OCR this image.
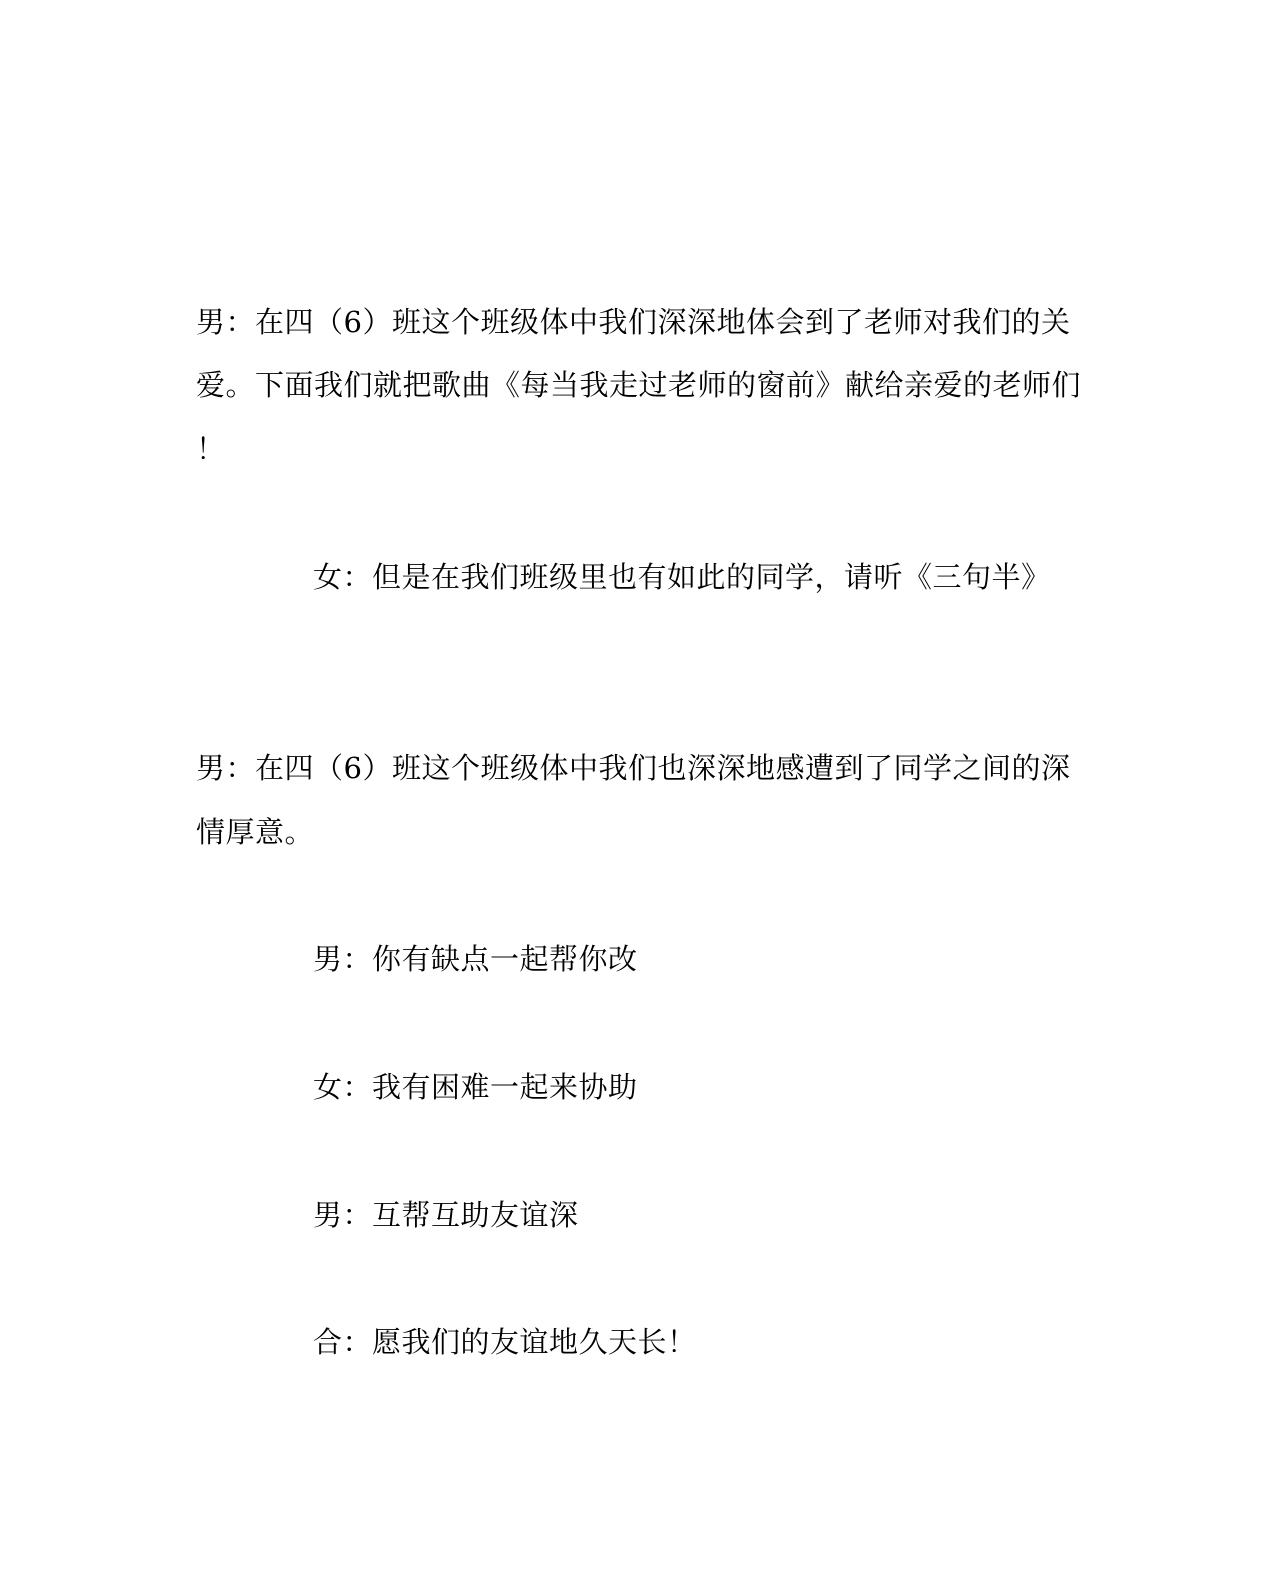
男：在四（6）班这个班级体中我们深深地体会到了老师对我们的关
爱。下面我们就把歌曲《每当我走过老师的窗前》献给亲爱的老师们
！
女：但是在我们班级里也有如此的同学，请听《三句半》
男：在四（6）班这个班级体中我们也深深地感遭到了同学之间的深
情厚意。
男：你有缺点一起帮你改
女：我有困难一起来协助
男：互帮互助友谊深
合：愿我们的友谊地久天长！
